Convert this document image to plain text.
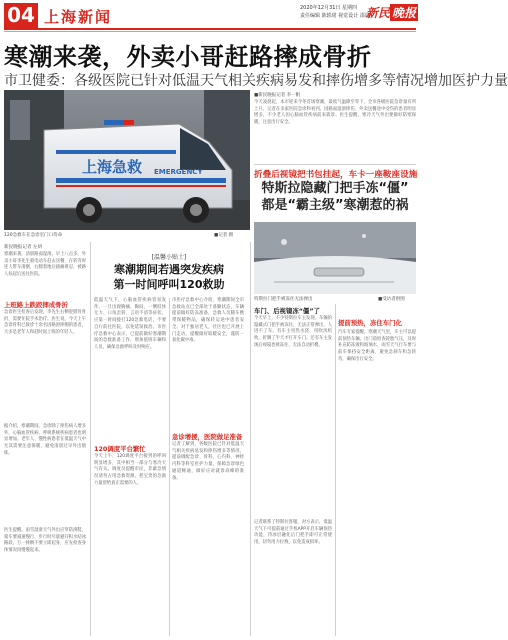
04 上海新闻	2020年12月31日 星期四
责任编辑 陈轶珺 视觉设计 邵晨
新民 晚报
寒潮来袭，外卖小哥赶路摔成骨折
市卫健委：各级医院已针对低温天气相关疾病易发和摔伤增多等情况增加医护力量
上海急救 EMERGENCY
120急救车在急诊室门口待命	■记者 摄
■新民晚报记者 李一帆
今天凌晨起，本市迎来今冬首场寒潮，最低气温降至零下，全市各级医院急诊量有所上升。记者在多家医院急诊科看到，因路面湿滑摔伤、外卖送餐途中受伤的患者明显增多，不少老人因心脑血管疾病前来就诊。医生提醒，寒冷天气外出要做好防寒保暖，注意出行安全。
折叠后视镜把书包挂起，车卡一座鞍座设施
特斯拉隐藏门把手冻“僵”
都是“霸主级”寒潮惹的祸
特斯拉门把手被冻住无法弹出	■受访者供图
新民晚报记者 左妍
寒潮来袭，清晨路面湿滑。早上八点多，外卖小哥李先生骑电动车赶去送餐，在转弯时连人带车滑倒，右腿着地后剧痛难忍，被路人扶起后送往医院。
上班路上跌跤摔成骨折
急诊医生检查后发现，李先生右侧胫腓骨骨折，需要住院手术治疗。医生说，今天上午急诊骨科已接诊十余名因路滑摔倒的患者，大多是老年人和赶时间上班的年轻人。
据介绍，寒潮期间，急诊除了摔伤病人增多外，心脑血管疾病、呼吸系统疾病患者也明显增加。老年人、慢性病患者在低温天气中尤其需要注意保暖，避免清晨过早外出锻炼。
医生提醒，雨雪湿滑天气外出应穿防滑鞋，骑车要减速慢行，步行时尽量避开积水结冰路段，万一摔倒不要立即起身，应先检查身体情况再慢慢起来。
[温馨小贴士]
寒潮期间若遇突发疾病
第一时间呼叫120救助
低温天气下，心脑血管疾病容易发作。一旦出现胸痛、胸闷、一侧肢体无力、口角歪斜、言语不清等症状，应第一时间拨打120急救电话，不要自行前往医院，以免延误救治。市医疗急救中心表示，已提前做好寒潮期间的急救准备工作，增加值班车辆和人员，确保急救呼叫及时响应。
120调度平台繁忙
今天上午，120调度平台接到的呼叫明显增多，其中相当一部分与寒冷天气有关。调度员提醒市民，非紧急情况请勿占用急救资源，把宝贵的急救力量留给真正需要的人。
市医疗急救中心介绍，寒潮期间全市急救站点已全部处于备勤状态，车辆提前做好防冻准备，急救人员随车携带保暖物品，确保转运途中患者安全。对于独居老人，社区也已开展上门走访，提醒做好取暖安全，谨防一氧化碳中毒。
急诊增援，医院做足准备
记者了解到，各级医院已针对低温天气相关疾病易发和摔伤增多等情况，提前调配急诊、骨科、心内科、神经内科等科室医护力量，保障急诊绿色通道畅通，做好应对就诊高峰的准备。
车门、后视镜冻“僵”了
今天早上，不少特斯拉车主发现，车辆的隐藏式门把手被冻住，无法正常弹出，人进不了车。有车主用热水浇、用吹风机吹，折腾了半天才打开车门。还有车主发现后视镜也被冻住，无法自动折叠。
记者联系了特斯拉客服，对方表示，低温天气下可提前通过手机APP开启车辆预热功能，待冰层融化后门把手即可正常使用，切勿用力拉拽，以免造成损坏。
提前预热，冻住车门化
汽车专家提醒，寒潮天气里，车主可以提前预热车辆，出门前检查轮胎气压，及时补充防冻液和玻璃水，雨雪天气行车要与前车保持安全距离，避免急刹车和急转弯，确保出行安全。
